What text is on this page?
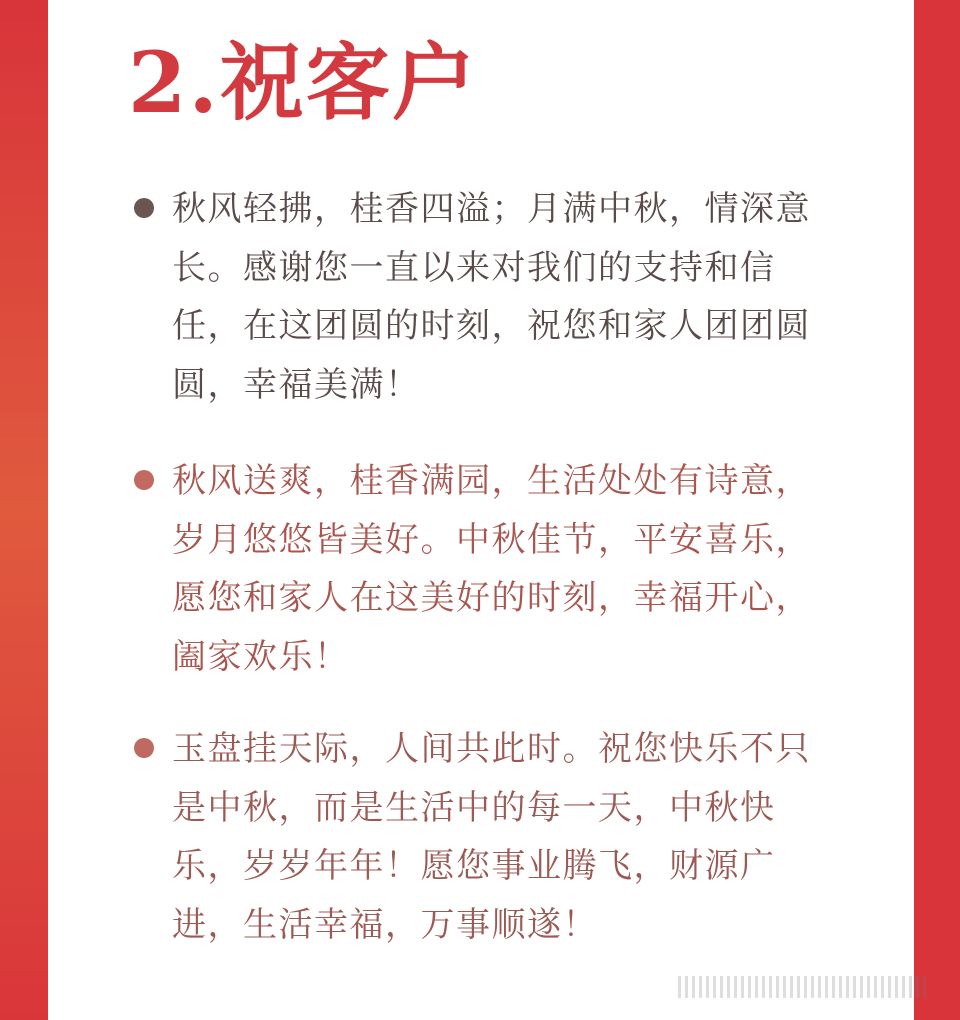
2.祝客户
秋风轻拂，桂香四溢；月满中秋，情深意长。感谢您一直以来对我们的支持和信任，在这团圆的时刻，祝您和家人团团圆圆，幸福美满！
秋风送爽，桂香满园，生活处处有诗意，岁月悠悠皆美好。中秋佳节，平安喜乐，愿您和家人在这美好的时刻，幸福开心，阖家欢乐！
玉盘挂天际，人间共此时。祝您快乐不只是中秋，而是生活中的每一天，中秋快乐，岁岁年年！愿您事业腾飞，财源广进，生活幸福，万事顺遂！
